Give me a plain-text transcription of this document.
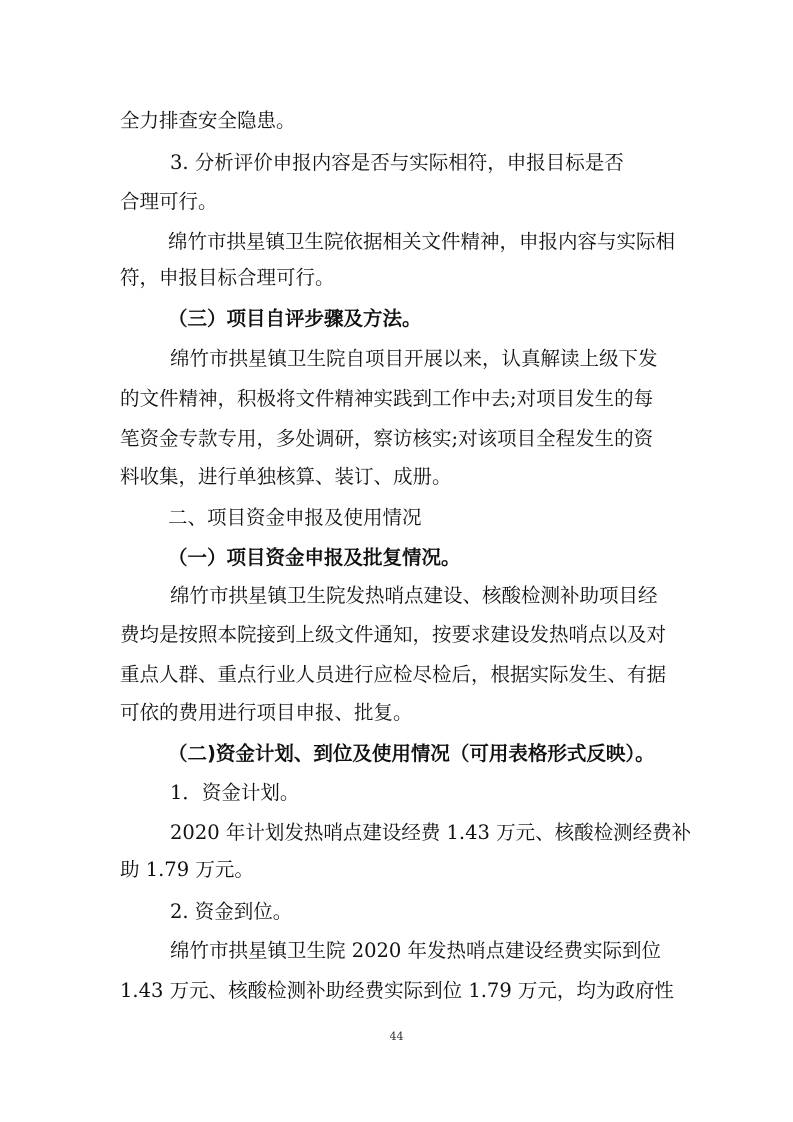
全力排查安全隐患。
3. 分析评价申报内容是否与实际相符，申报目标是否
合理可行。
绵竹市拱星镇卫生院依据相关文件精神，申报内容与实际相
符，申报目标合理可行。
（三）项目自评步骤及方法。
绵竹市拱星镇卫生院自项目开展以来，认真解读上级下发
的文件精神，积极将文件精神实践到工作中去;对项目发生的每
笔资金专款专用，多处调研，察访核实;对该项目全程发生的资
料收集，进行单独核算、装订、成册。
二、项目资金申报及使用情况
（一）项目资金申报及批复情况。
绵竹市拱星镇卫生院发热哨点建设、核酸检测补助项目经
费均是按照本院接到上级文件通知，按要求建设发热哨点以及对
重点人群、重点行业人员进行应检尽检后，根据实际发生、有据
可依的费用进行项目申报、批复。
（二)资金计划、到位及使用情况（可用表格形式反映）。
1．资金计划。
2020 年计划发热哨点建设经费 1.43 万元、核酸检测经费补
助 1.79 万元。
2. 资金到位。
绵竹市拱星镇卫生院 2020 年发热哨点建设经费实际到位
1.43 万元、核酸检测补助经费实际到位 1.79 万元，均为政府性
44
